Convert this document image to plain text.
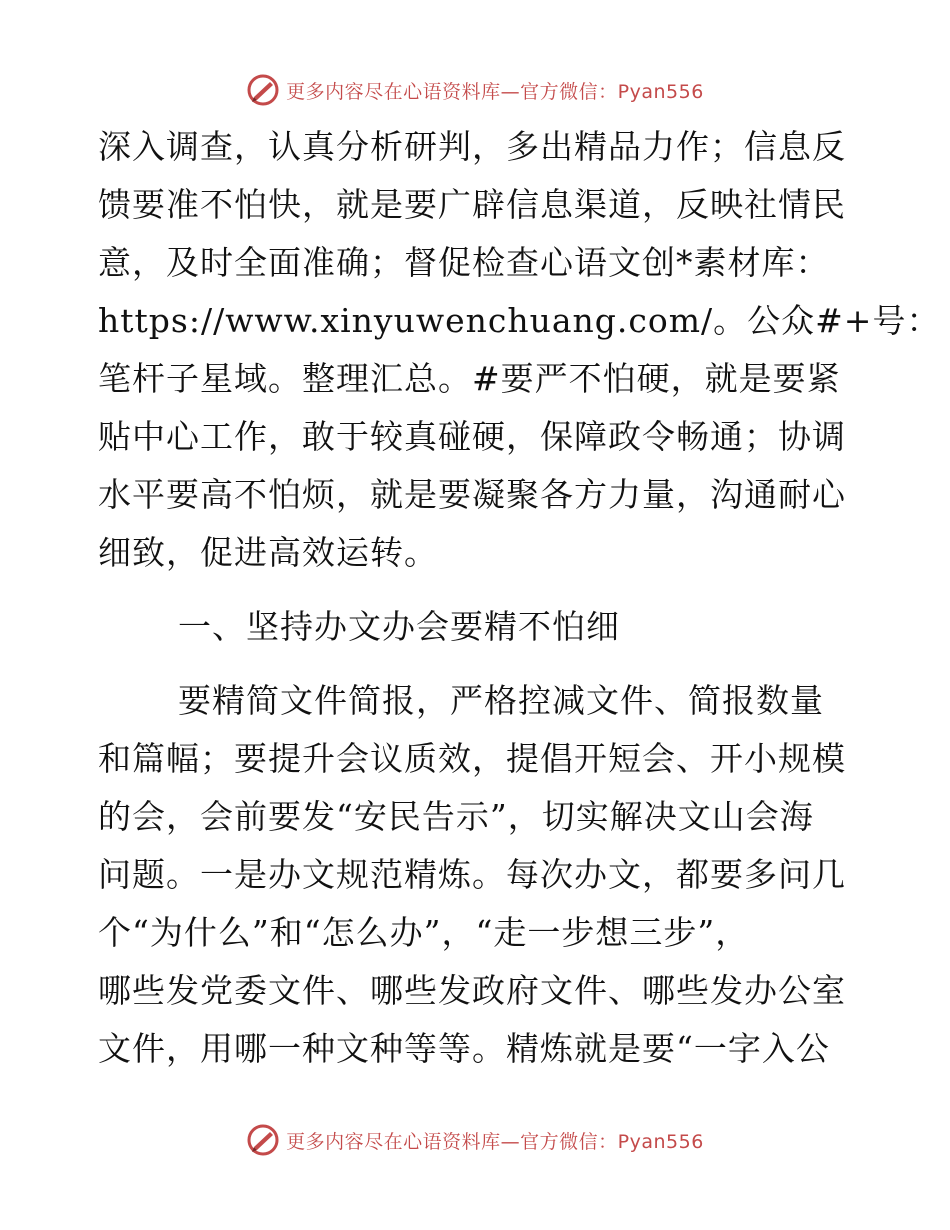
更多内容尽在心语资料库—官方微信：Pyan556
深入调查，认真分析研判，多出精品力作；信息反
馈要准不怕快，就是要广辟信息渠道，反映社情民
意，及时全面准确；督促检查心语文创*素材库：
https://www.xinyuwenchuang.com/。公众#+号：
笔杆子星域。整理汇总。#要严不怕硬，就是要紧
贴中心工作，敢于较真碰硬，保障政令畅通；协调
水平要高不怕烦，就是要凝聚各方力量，沟通耐心
细致，促进高效运转。
一、坚持办文办会要精不怕细
要精简文件简报，严格控减文件、简报数量
和篇幅；要提升会议质效，提倡开短会、开小规模
的会，会前要发“安民告示”，切实解决文山会海
问题。一是办文规范精炼。每次办文，都要多问几
个“为什么”和“怎么办”，“走一步想三步”，
哪些发党委文件、哪些发政府文件、哪些发办公室
文件，用哪一种文种等等。精炼就是要“一字入公
更多内容尽在心语资料库—官方微信：Pyan556
